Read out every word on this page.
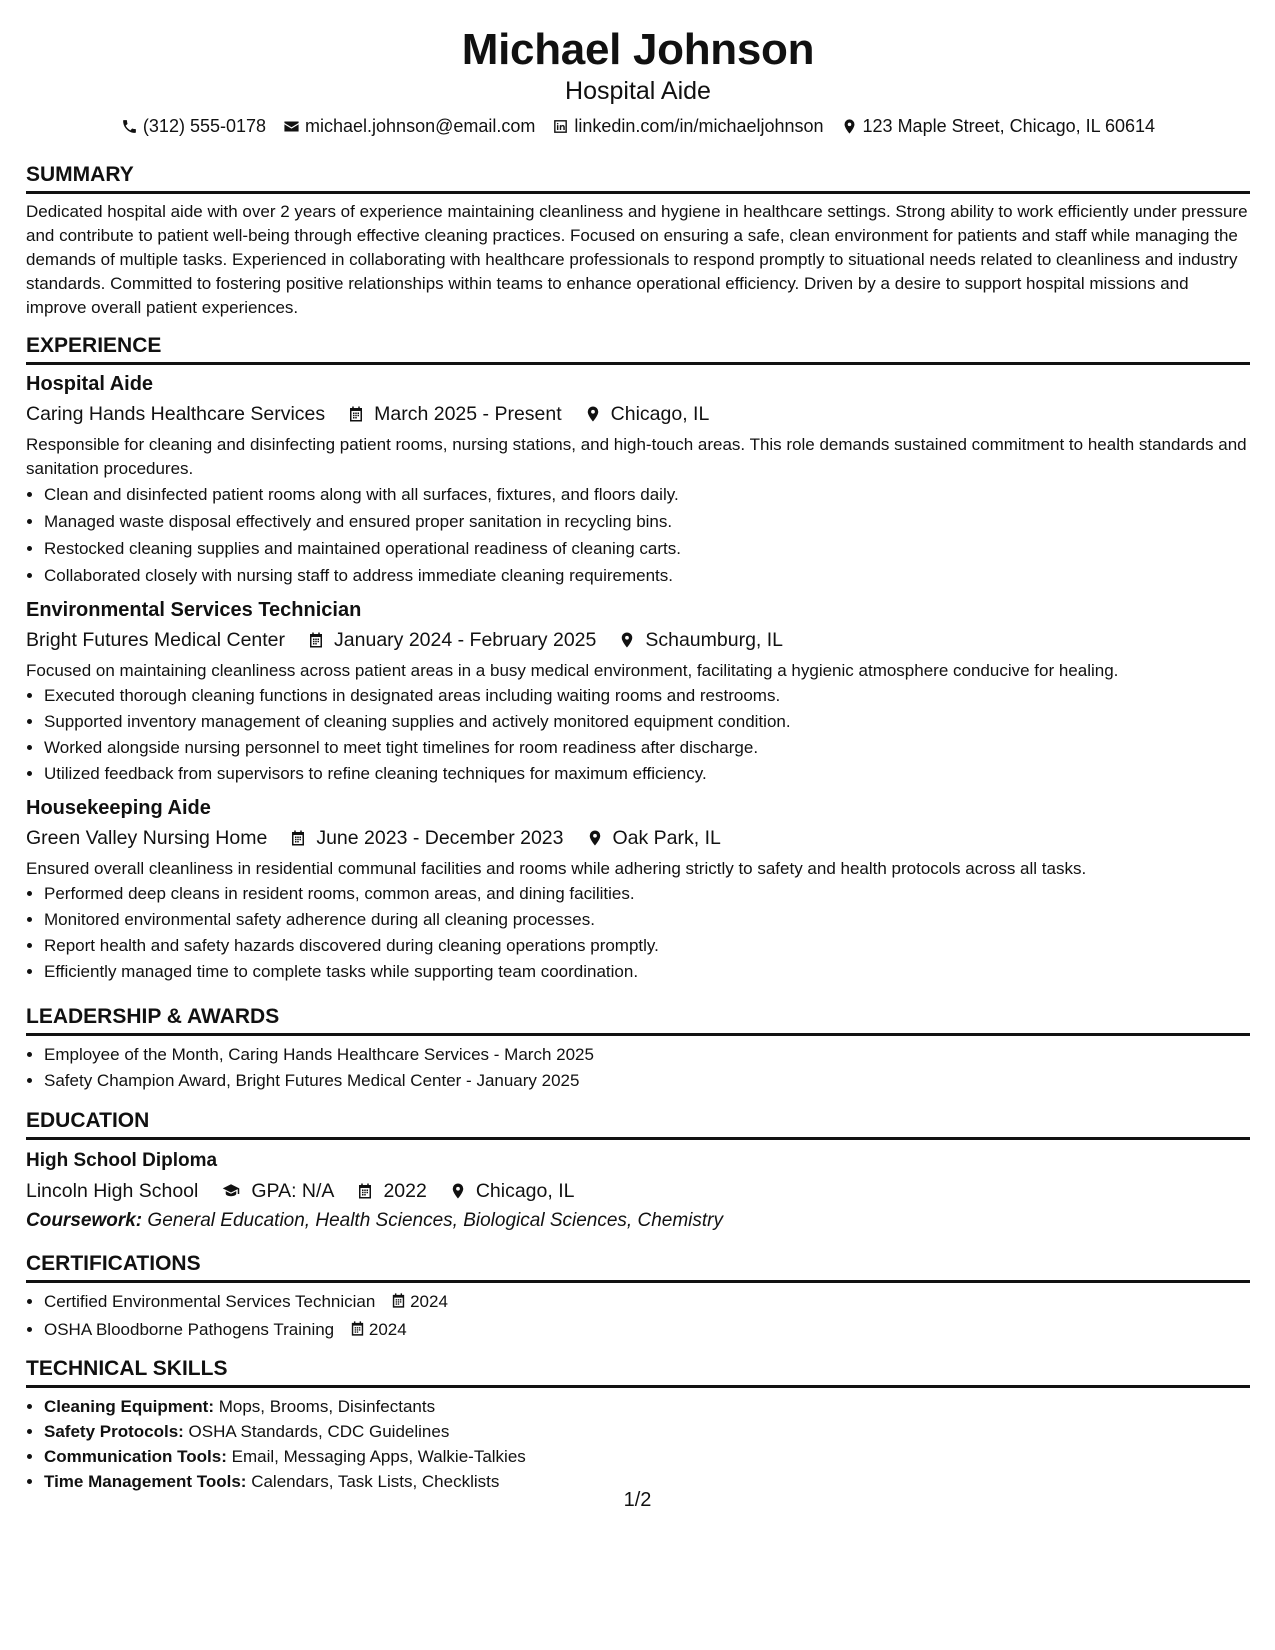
Michael Johnson
Hospital Aide
(312) 555-0178 michael.johnson@email.com linkedin.com/in/michaeljohnson 123 Maple Street, Chicago, IL 60614
SUMMARY
Dedicated hospital aide with over 2 years of experience maintaining cleanliness and hygiene in healthcare settings. Strong ability to work efficiently under pressure and contribute to patient well-being through effective cleaning practices. Focused on ensuring a safe, clean environment for patients and staff while managing the demands of multiple tasks. Experienced in collaborating with healthcare professionals to respond promptly to situational needs related to cleanliness and industry standards. Committed to fostering positive relationships within teams to enhance operational efficiency. Driven by a desire to support hospital missions and improve overall patient experiences.
EXPERIENCE
Hospital Aide
Caring Hands Healthcare Services	March 2025 - Present	Chicago, IL
Responsible for cleaning and disinfecting patient rooms, nursing stations, and high-touch areas. This role demands sustained commitment to health standards and sanitation procedures.
• Clean and disinfected patient rooms along with all surfaces, fixtures, and floors daily.
• Managed waste disposal effectively and ensured proper sanitation in recycling bins.
• Restocked cleaning supplies and maintained operational readiness of cleaning carts.
• Collaborated closely with nursing staff to address immediate cleaning requirements.
Environmental Services Technician
Bright Futures Medical Center	January 2024 - February 2025	Schaumburg, IL
Focused on maintaining cleanliness across patient areas in a busy medical environment, facilitating a hygienic atmosphere conducive for healing.
• Executed thorough cleaning functions in designated areas including waiting rooms and restrooms.
• Supported inventory management of cleaning supplies and actively monitored equipment condition.
• Worked alongside nursing personnel to meet tight timelines for room readiness after discharge.
• Utilized feedback from supervisors to refine cleaning techniques for maximum efficiency.
Housekeeping Aide
Green Valley Nursing Home	June 2023 - December 2023	Oak Park, IL
Ensured overall cleanliness in residential communal facilities and rooms while adhering strictly to safety and health protocols across all tasks.
• Performed deep cleans in resident rooms, common areas, and dining facilities.
• Monitored environmental safety adherence during all cleaning processes.
• Report health and safety hazards discovered during cleaning operations promptly.
• Efficiently managed time to complete tasks while supporting team coordination.
LEADERSHIP & AWARDS
• Employee of the Month, Caring Hands Healthcare Services - March 2025
• Safety Champion Award, Bright Futures Medical Center - January 2025
EDUCATION
High School Diploma
Lincoln High School	GPA: N/A	2022	Chicago, IL
Coursework: General Education, Health Sciences, Biological Sciences, Chemistry
CERTIFICATIONS
• Certified Environmental Services Technician 2024
• OSHA Bloodborne Pathogens Training 2024
TECHNICAL SKILLS
• Cleaning Equipment: Mops, Brooms, Disinfectants
• Safety Protocols: OSHA Standards, CDC Guidelines
• Communication Tools: Email, Messaging Apps, Walkie-Talkies
• Time Management Tools: Calendars, Task Lists, Checklists
1/2
